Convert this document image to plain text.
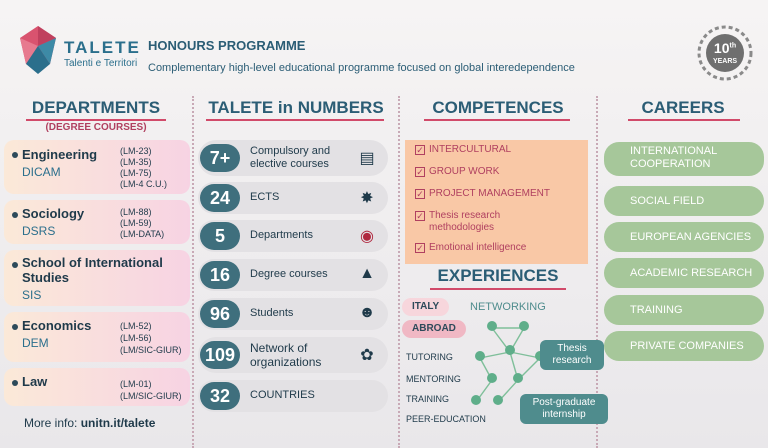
TALETE
Talenti e Territori
HONOURS PROGRAMME
Complementary high-level educational programme focused on global interedependence
10th
YEARS
DEPARTMENTS
(DEGREE COURSES)
Engineering
DICAM
(LM-23)
(LM-35)
(LM-75)
(LM-4 C.U.)
Sociology
DSRS
(LM-88)
(LM-59)
(LM-DATA)
School of International Studies
SIS
Economics
DEM
(LM-52)
(LM-56)
(LM/SIC-GIUR)
Law	(LM-01)
(LM/SIC-GIUR)
More info: unitn.it/talete
TALETE in NUMBERS
7+	Compulsory and elective courses	▤
24	ECTS	✸
5	Departments	◉
16	Degree courses ▲
96	Students	☻
109	Network of organizations	✿
32	COUNTRIES
COMPETENCES
✓ INTERCULTURAL
✓ GROUP WORK
✓ PROJECT MANAGEMENT
✓ Thesis research methodologies
✓ Emotional intelligence
EXPERIENCES
ITALY
ABROAD
NETWORKING
TUTORING
MENTORING
TRAINING
PEER-EDUCATION
Thesis research
Post-graduate internship
CAREERS
INTERNATIONAL COOPERATION
SOCIAL FIELD
EUROPEAN AGENCIES
ACADEMIC RESEARCH
TRAINING
PRIVATE COMPANIES
